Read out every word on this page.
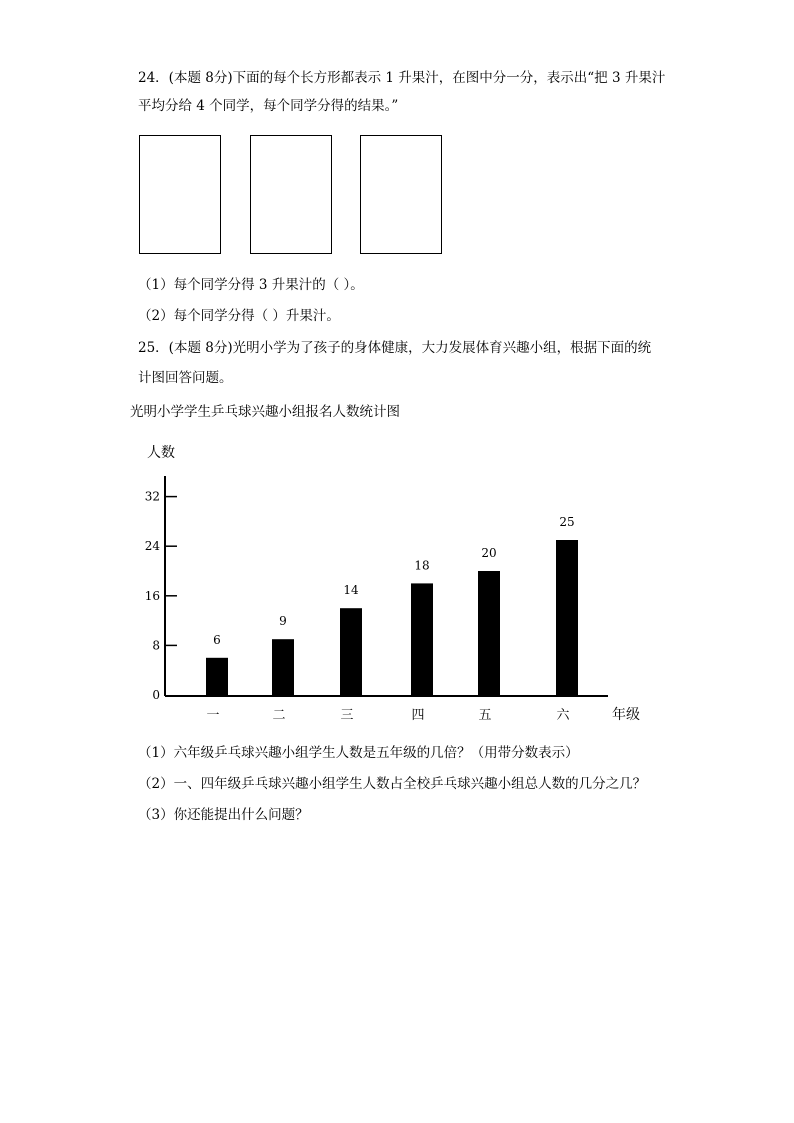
24．(本题 8分)下面的每个长方形都表示 1 升果汁，在图中分一分，表示出“把 3 升果汁
平均分给 4 个同学，每个同学分得的结果。”
（1）每个同学分得 3 升果汁的（ ）。
（2）每个同学分得（ ）升果汁。
25．(本题 8分)光明小学为了孩子的身体健康，大力发展体育兴趣小组，根据下面的统
计图回答问题。
光明小学学生乒乓球兴趣小组报名人数统计图
人数
年级
0
8
16
24
32
6
一
9
二
14
三
18
四
20
五
25
六
（1）六年级乒乓球兴趣小组学生人数是五年级的几倍？（用带分数表示）
（2）一、四年级乒乓球兴趣小组学生人数占全校乒乓球兴趣小组总人数的几分之几？
（3）你还能提出什么问题？
